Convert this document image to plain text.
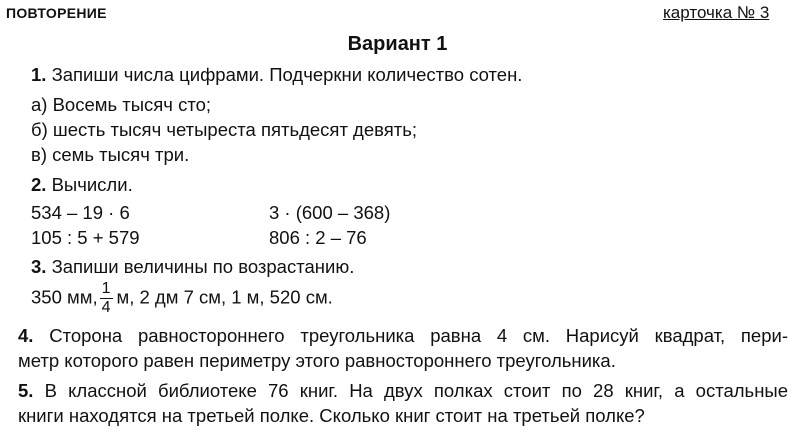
ПОВТОРЕНИЕ	карточка № 3
Вариант 1
1. Запиши числа цифрами. Подчеркни количество сотен.
а) Восемь тысяч сто;
б) шесть тысяч четыреста пятьдесят девять;
в) семь тысяч три.
2. Вычисли.
534 – 19 · 6	3 · (600 – 368)
105 : 5 + 579	806 : 2 – 76
3. Запиши величины по возрастанию.
350 мм, $\frac{1}{4} м$, 2 дм 7 см, 1 м, 520 см.
4. Сторона равностороннего треугольника равна 4 см. Нарисуй квадрат, пери-
метр которого равен периметру этого равностороннего треугольника.
5. В классной библиотеке 76 книг. На двух полках стоит по 28 книг, а остальные
книги находятся на третьей полке. Сколько книг стоит на третьей полке?
